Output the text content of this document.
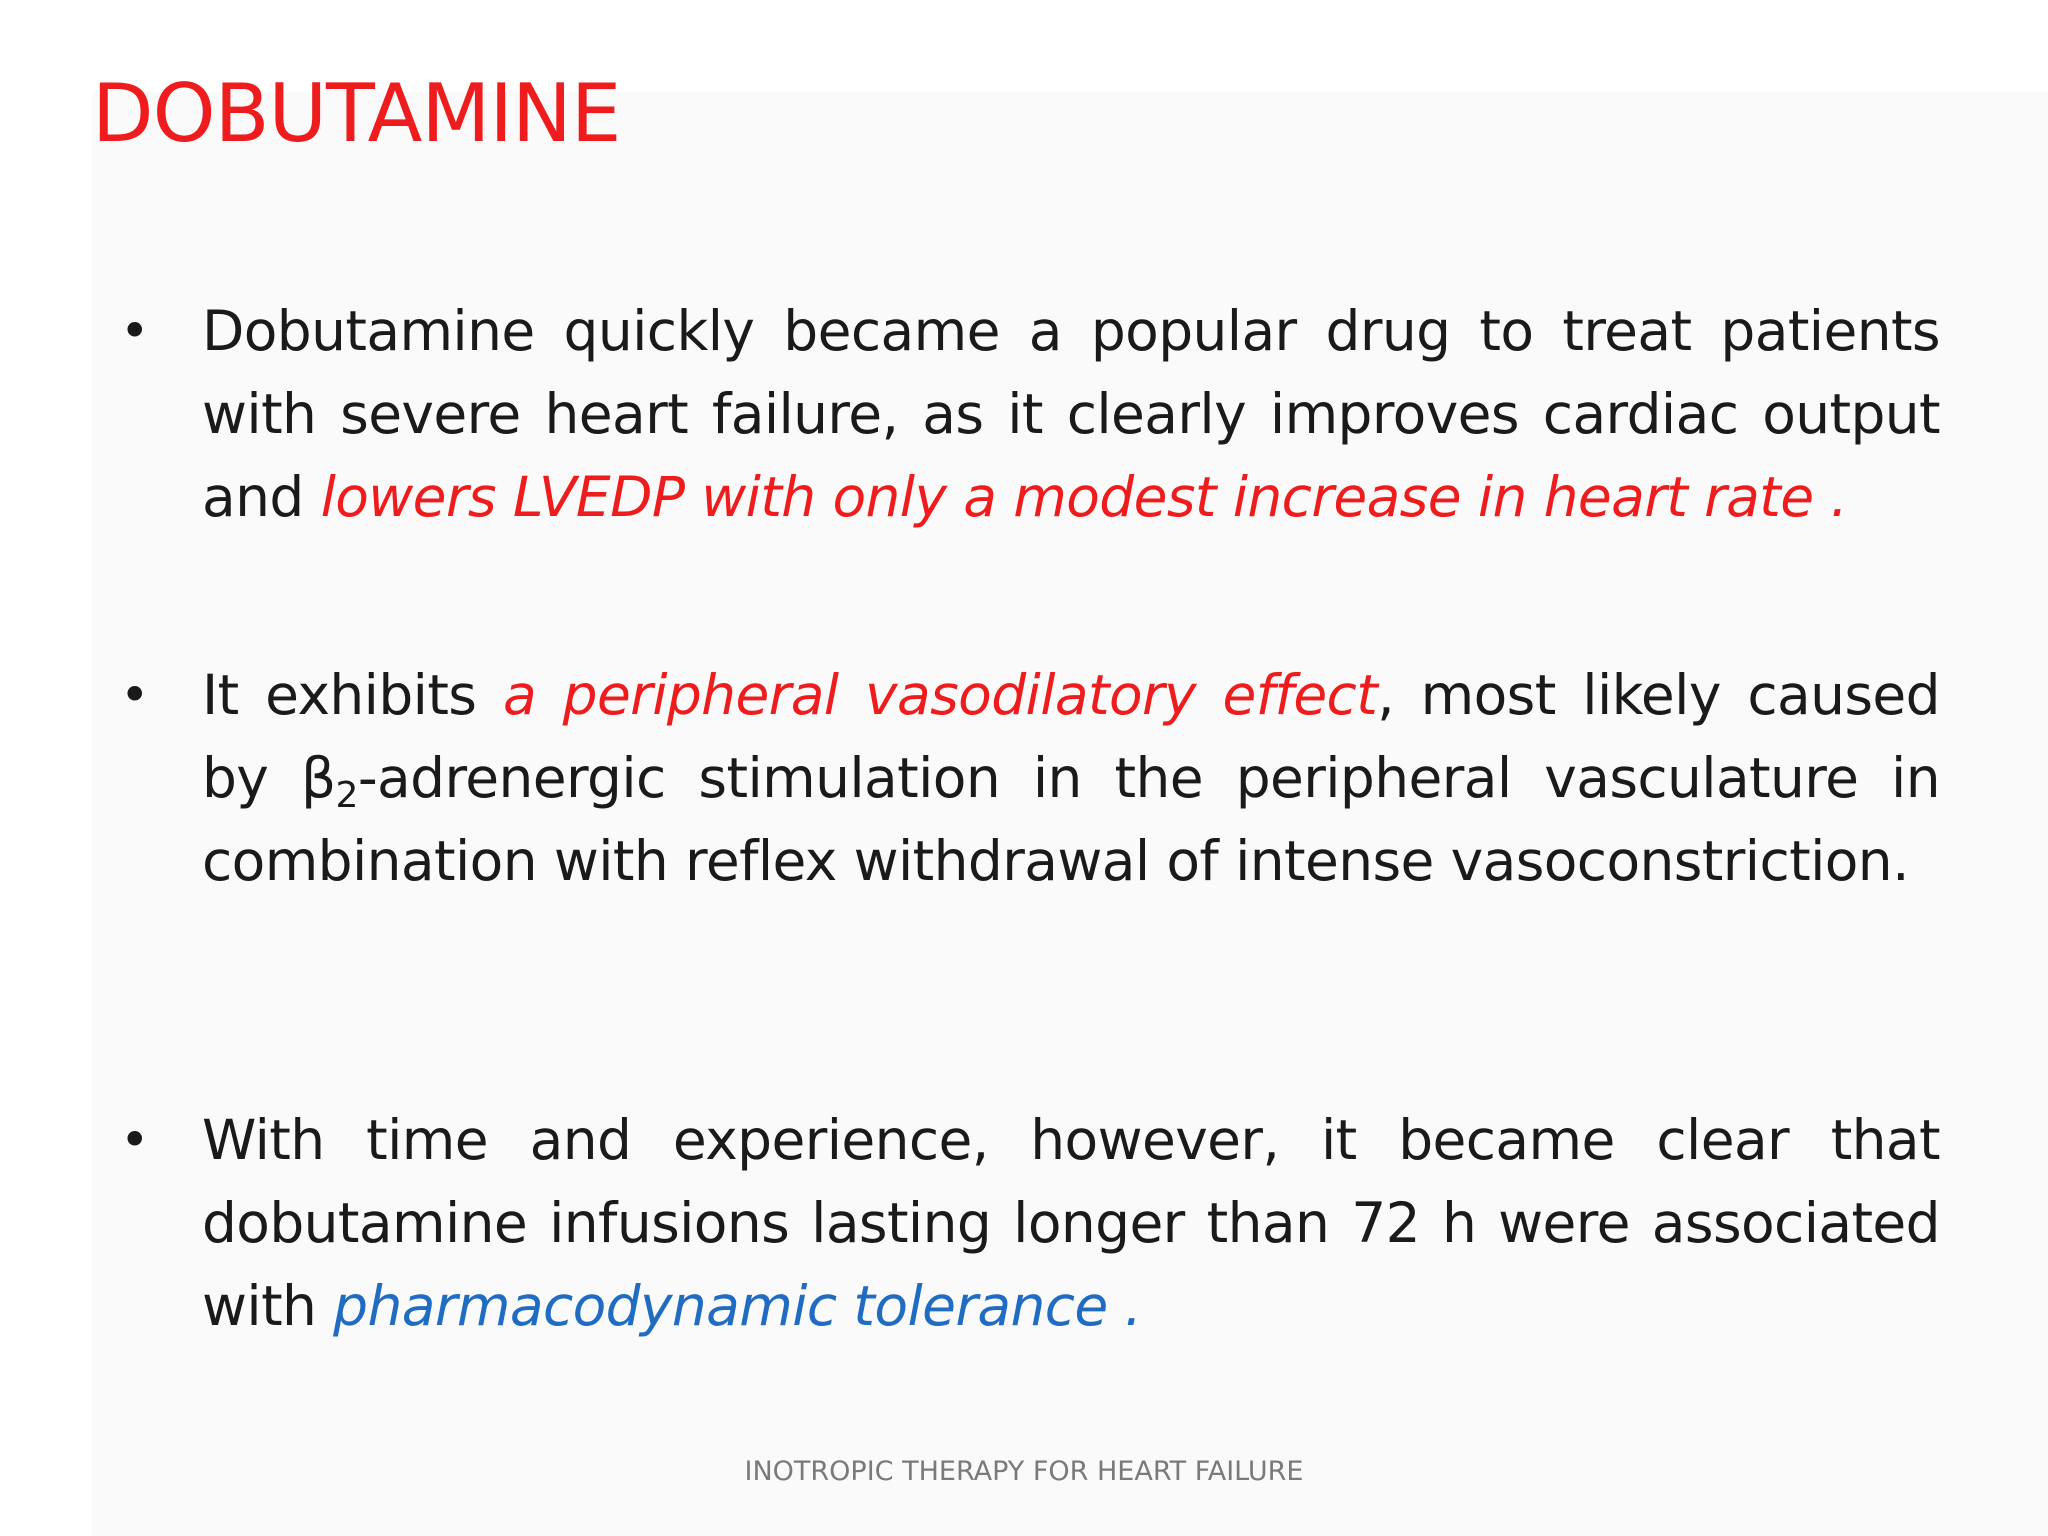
DOBUTAMINE
• Dobutamine quickly became a popular drug to treat patients with severe heart failure, as it clearly improves cardiac output and lowers LVEDP with only a modest increase in heart rate .

• It exhibits a peripheral vasodilatory effect, most likely caused by $\beta_2$-adrenergic stimulation in the peripheral vasculature in combination with reflex withdrawal of intense vasoconstriction.

• With time and experience, however, it became clear that dobutamine infusions lasting longer than 72 h were associated with pharmacodynamic tolerance .

INOTROPIC THERAPY FOR HEART FAILURE
